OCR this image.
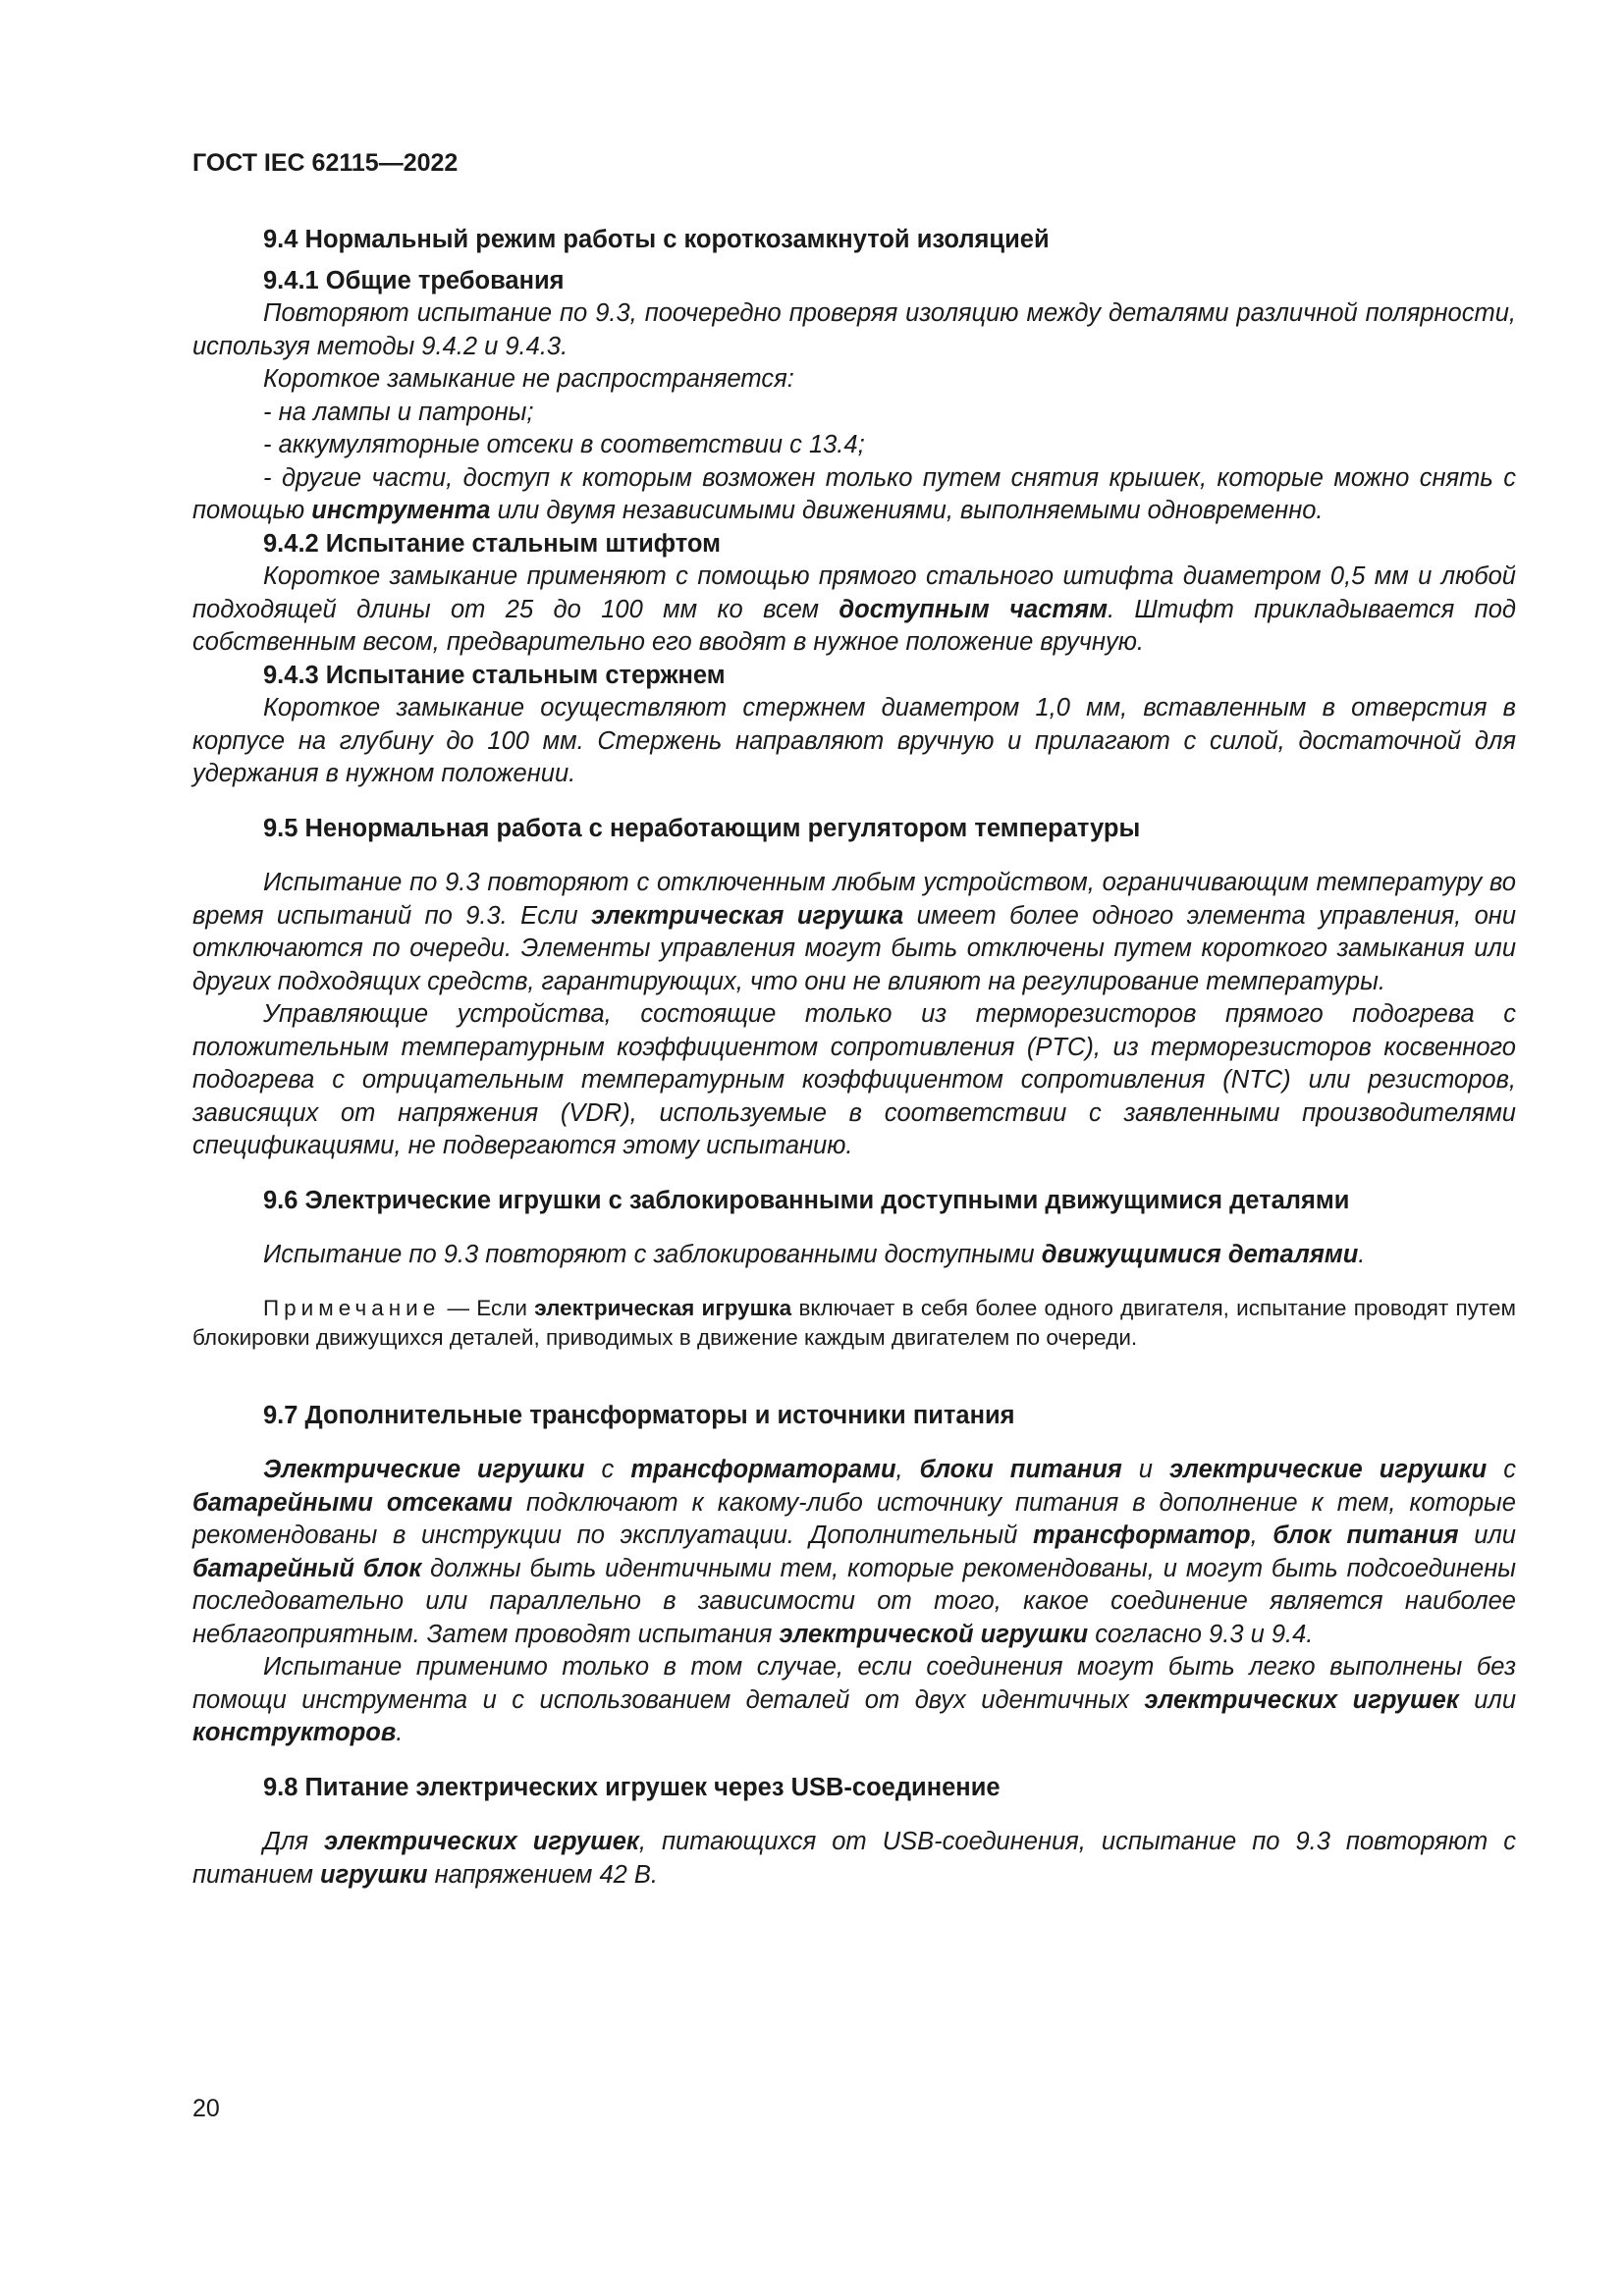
ГОСТ IEC 62115—2022

9.4 Нормальный режим работы с короткозамкнутой изоляцией

9.4.1 Общие требования

Повторяют испытание по 9.3, поочередно проверяя изоляцию между деталями различной полярности, используя методы 9.4.2 и 9.4.3.

Короткое замыкание не распространяется:

- на лампы и патроны;

- аккумуляторные отсеки в соответствии с 13.4;

- другие части, доступ к которым возможен только путем снятия крышек, которые можно снять с помощью инструмента или двумя независимыми движениями, выполняемыми одновременно.

9.4.2 Испытание стальным штифтом

Короткое замыкание применяют с помощью прямого стального штифта диаметром 0,5 мм и любой подходящей длины от 25 до 100 мм ко всем доступным частям. Штифт прикладывается под собственным весом, предварительно его вводят в нужное положение вручную.

9.4.3 Испытание стальным стержнем

Короткое замыкание осуществляют стержнем диаметром 1,0 мм, вставленным в отверстия в корпусе на глубину до 100 мм. Стержень направляют вручную и прилагают с силой, достаточной для удержания в нужном положении.

9.5 Ненормальная работа с неработающим регулятором температуры

Испытание по 9.3 повторяют с отключенным любым устройством, ограничивающим температуру во время испытаний по 9.3. Если электрическая игрушка имеет более одного элемента управления, они отключаются по очереди. Элементы управления могут быть отключены путем короткого замыкания или других подходящих средств, гарантирующих, что они не влияют на регулирование температуры.

Управляющие устройства, состоящие только из терморезисторов прямого подогрева с положительным температурным коэффициентом сопротивления (PTC), из терморезисторов косвенного подогрева с отрицательным температурным коэффициентом сопротивления (NTC) или резисторов, зависящих от напряжения (VDR), используемые в соответствии с заявленными производителями спецификациями, не подвергаются этому испытанию.

9.6 Электрические игрушки с заблокированными доступными движущимися деталями

Испытание по 9.3 повторяют с заблокированными доступными движущимися деталями.

Примечание — Если электрическая игрушка включает в себя более одного двигателя, испытание проводят путем блокировки движущихся деталей, приводимых в движение каждым двигателем по очереди.

9.7 Дополнительные трансформаторы и источники питания

Электрические игрушки с трансформаторами, блоки питания и электрические игрушки с батарейными отсеками подключают к какому-либо источнику питания в дополнение к тем, которые рекомендованы в инструкции по эксплуатации. Дополнительный трансформатор, блок питания или батарейный блок должны быть идентичными тем, которые рекомендованы, и могут быть подсоединены последовательно или параллельно в зависимости от того, какое соединение является наиболее неблагоприятным. Затем проводят испытания электрической игрушки согласно 9.3 и 9.4.

Испытание применимо только в том случае, если соединения могут быть легко выполнены без помощи инструмента и с использованием деталей от двух идентичных электрических игрушек или конструкторов.

9.8 Питание электрических игрушек через USB-соединение

Для электрических игрушек, питающихся от USB-соединения, испытание по 9.3 повторяют с питанием игрушки напряжением 42 В.

20
